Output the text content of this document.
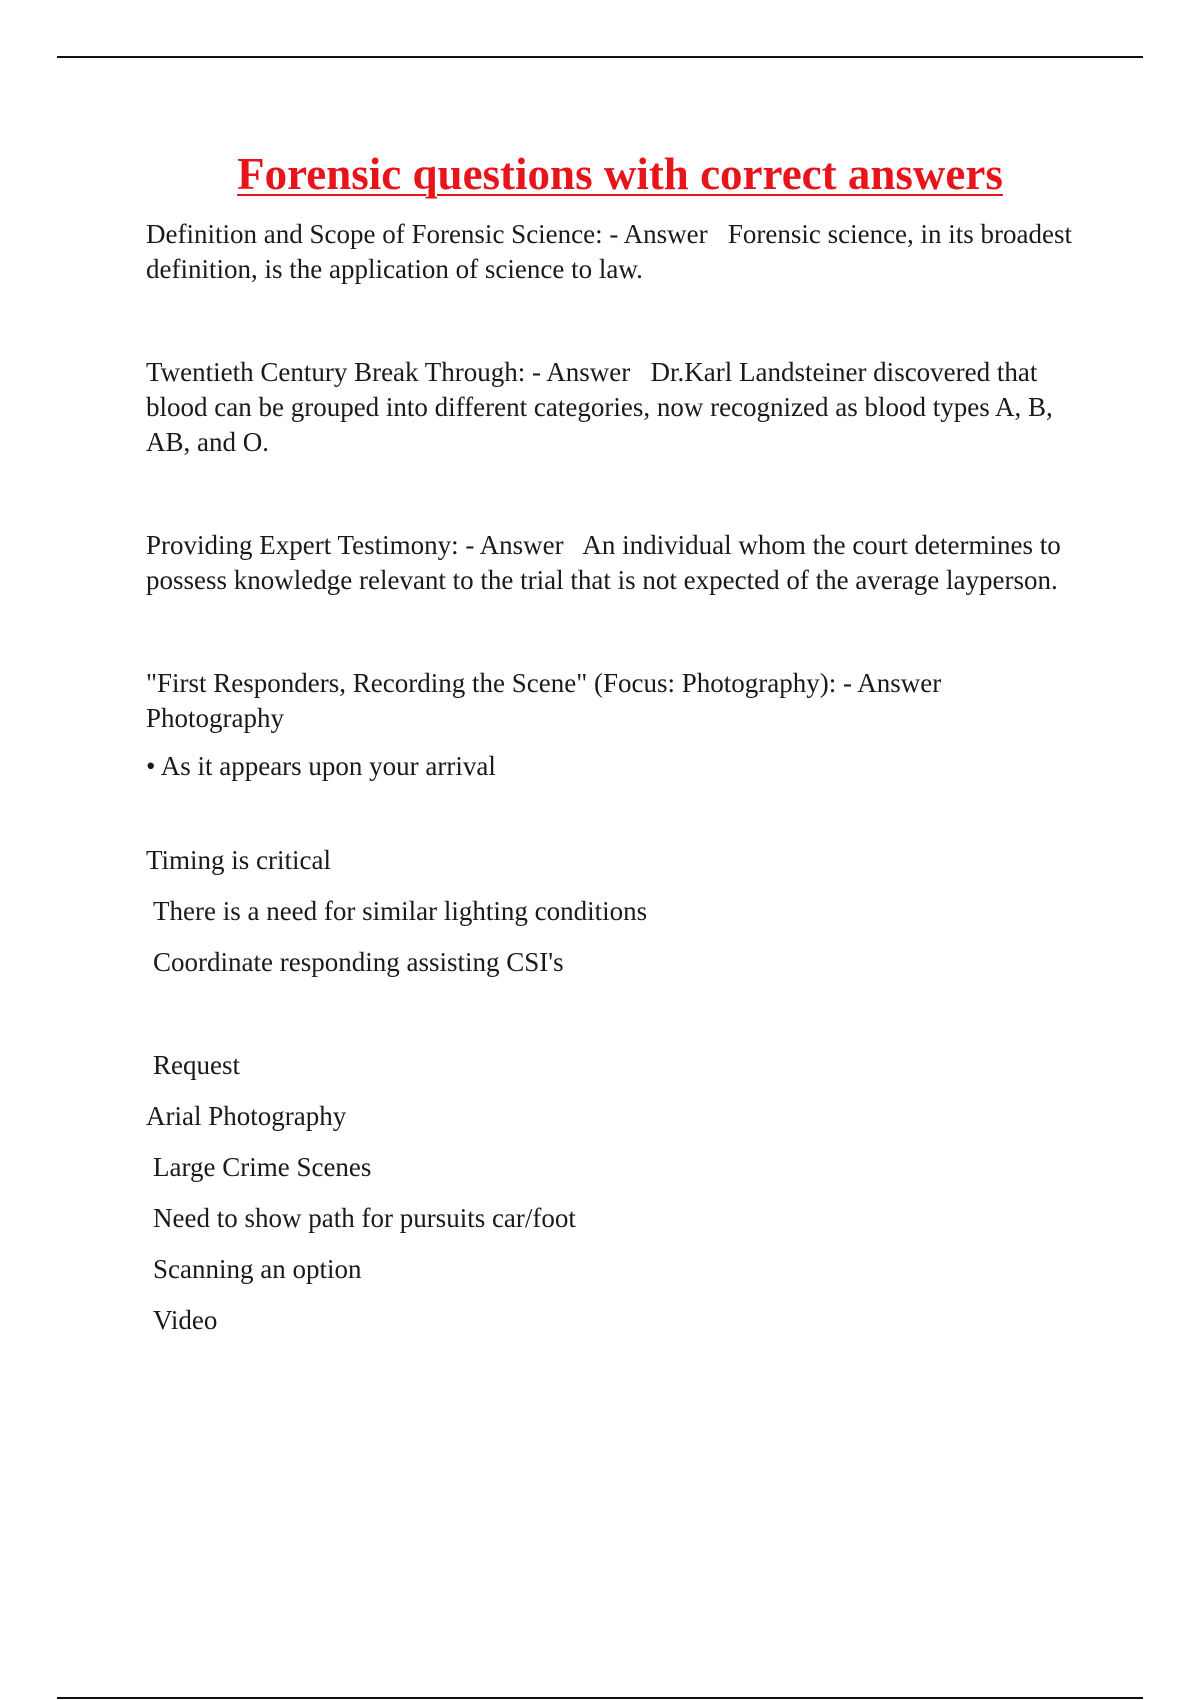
Forensic questions with correct answers

Definition and Scope of Forensic Science: - Answer Forensic science, in its broadest definition, is the application of science to law.

Twentieth Century Break Through: - Answer Dr.Karl Landsteiner discovered that blood can be grouped into different categories, now recognized as blood types A, B, AB, and O.

Providing Expert Testimony: - Answer An individual whom the court determines to possess knowledge relevant to the trial that is not expected of the average layperson.

"First Responders, Recording the Scene" (Focus: Photography): - Answer
Photography

• As it appears upon your arrival

Timing is critical

There is a need for similar lighting conditions

Coordinate responding assisting CSI's

Request

Arial Photography

Large Crime Scenes

Need to show path for pursuits car/foot

Scanning an option

Video
